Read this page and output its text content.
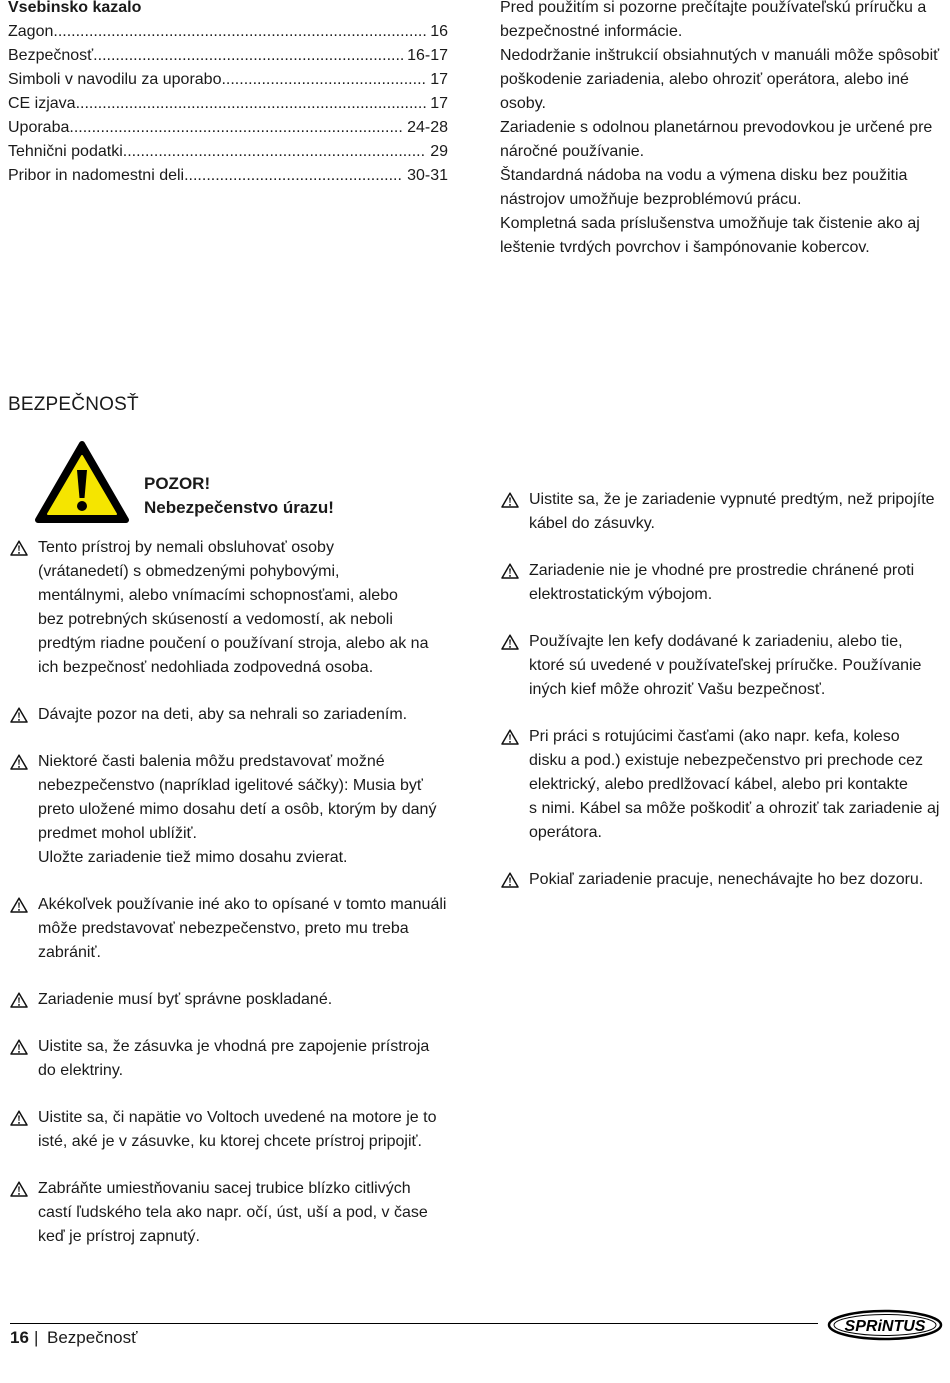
Vsebinsko kazalo
Zagon .....	16
Bezpečnosť .....	16-17
Simboli v navodilu za uporabo .....	17
CE izjava .....	17
Uporaba .....	24-28
Tehnični podatki .....	29
Pribor in nadomestni deli .....	30-31

Pred použitím si pozorne prečítajte používateľskú príručku a bezpečnostné informácie.

Nedodržanie inštrukcií obsiahnutých v manuáli môže spôsobiť poškodenie zariadenia, alebo ohroziť operátora, alebo iné osoby.

Zariadenie s odolnou planetárnou prevodovkou je určené pre náročné používanie.

Štandardná nádoba na vodu a výmena disku bez použitia nástrojov umožňuje bezproblémovú prácu.

Kompletná sada príslušenstva umožňuje tak čistenie ako aj leštenie tvrdých povrchov i šampónovanie kobercov.

BEZPEČNOSŤ
POZOR!
Nebezpečenstvo úrazu!
Tento prístroj by nemali obsluhovať osoby
(vrátanedetí) s obmedzenými pohybovými,
mentálnymi, alebo vnímacími schopnosťami, alebo
bez potrebných skúseností a vedomostí, ak neboli
predtým riadne poučení o používaní stroja, alebo ak na
ich bezpečnosť nedohliada zodpovedná osoba.
Dávajte pozor na deti, aby sa nehrali so zariadením.
Niektoré časti balenia môžu predstavovať možné
nebezpečenstvo (napríklad igelitové sáčky): Musia byť
preto uložené mimo dosahu detí a osôb, ktorým by daný
predmet mohol ublížiť.
Uložte zariadenie tiež mimo dosahu zvierat.
Akékoľvek používanie iné ako to opísané v tomto manuáli
môže predstavovať nebezpečenstvo, preto mu treba
zabrániť.
Zariadenie musí byť správne poskladané.
Uistite sa, že zásuvka je vhodná pre zapojenie prístroja
do elektriny.
Uistite sa, či napätie vo Voltoch uvedené na motore je to
isté, aké je v zásuvke, ku ktorej chcete prístroj pripojiť.
Zabráňte umiestňovaniu sacej trubice blízko citlivých
castí ľudského tela ako napr. očí, úst, uší a pod, v čase
keď je prístroj zapnutý.
Uistite sa, že je zariadenie vypnuté predtým, než pripojíte
kábel do zásuvky.
Zariadenie nie je vhodné pre prostredie chránené proti
elektrostatickým výbojom.
Používajte len kefy dodávané k zariadeniu, alebo tie,
ktoré sú uvedené v používateľskej príručke. Používanie
iných kief môže ohroziť Vašu bezpečnosť.
Pri práci s rotujúcimi časťami (ako napr. kefa, koleso
disku a pod.) existuje nebezpečenstvo pri prechode cez
elektrický, alebo predlžovací kábel, alebo pri kontakte
s nimi. Kábel sa môže poškodiť a ohroziť tak zariadenie aj
operátora.
Pokiaľ zariadenie pracuje, nenechávajte ho bez dozoru.
16 | Bezpečnosť
SPRiNTUS
